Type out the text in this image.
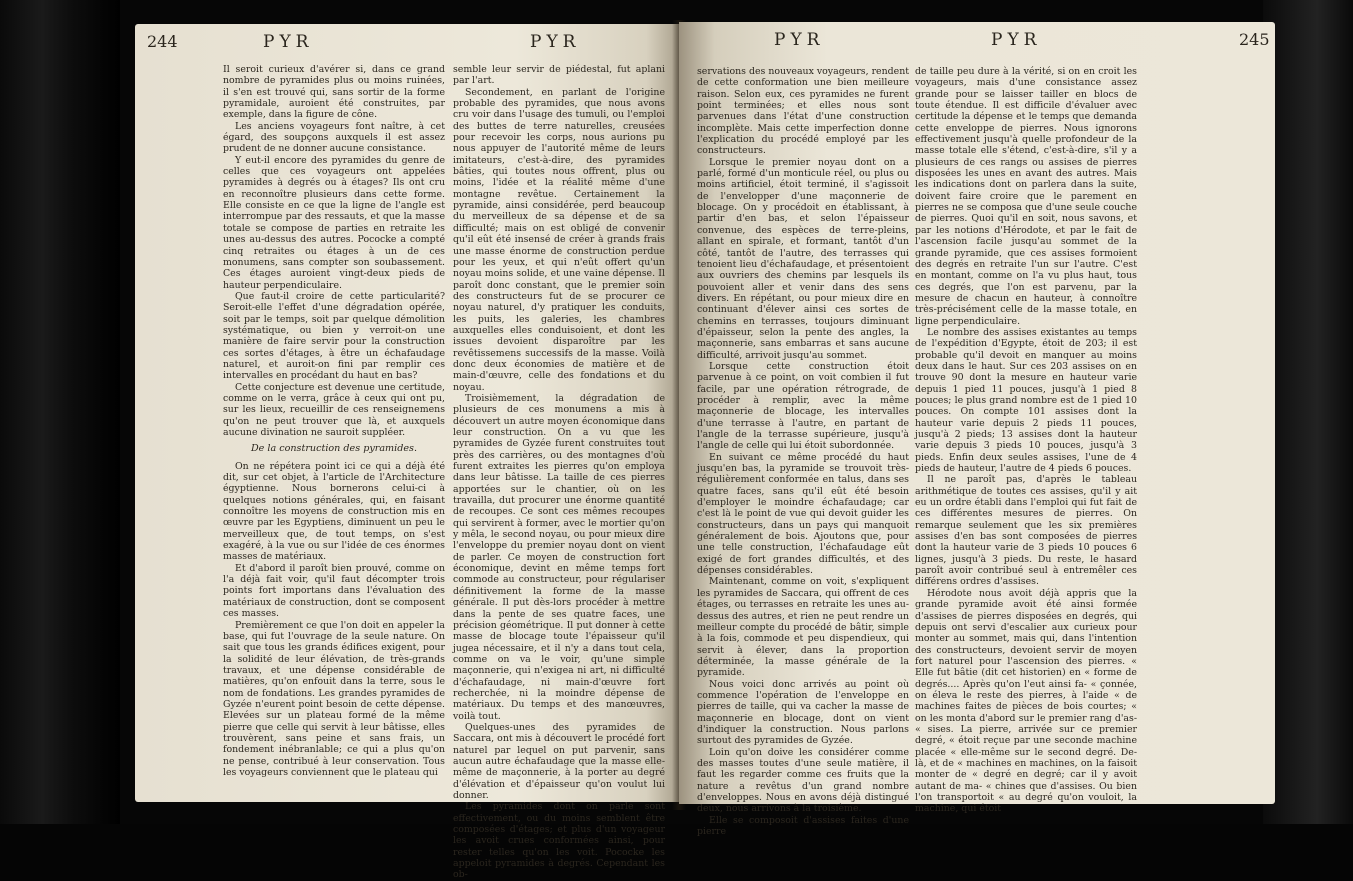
244	PYR	PYR

Il seroit curieux d'avérer si, dans ce grand nombre de pyramides plus ou moins ruinées, il s'en est trouvé qui, sans sortir de la forme pyramidale, auroient été construites, par exemple, dans la figure de cône.

Les anciens voyageurs font naître, à cet égard, des soupçons auxquels il est assez prudent de ne donner aucune consistance.

Y eut-il encore des pyramides du genre de celles que ces voyageurs ont appelées pyramides à degrés ou à étages? Ils ont cru en reconnoître plusieurs dans cette forme. Elle consiste en ce que la ligne de l'angle est interrompue par des ressauts, et que la masse totale se compose de parties en retraite les unes au-dessus des autres. Pococke a compté cinq retraites ou étages à un de ces monumens, sans compter son soubassement. Ces étages auroient vingt-deux pieds de hauteur perpendiculaire.

Que faut-il croire de cette particularité? Seroit-elle l'effet d'une dégradation opérée, soit par le temps, soit par quelque démolition systématique, ou bien y verroit-on une manière de faire servir pour la construction ces sortes d'étages, à être un échafaudage naturel, et auroit-on fini par remplir ces intervalles en procédant du haut en bas?

Cette conjecture est devenue une certitude, comme on le verra, grâce à ceux qui ont pu, sur les lieux, recueillir de ces renseignemens qu'on ne peut trouver que là, et auxquels aucune divination ne sauroit suppléer.

De la construction des pyramides.

On ne répétera point ici ce qui a déjà été dit, sur cet objet, à l'article de l'Architecture égyptienne. Nous bornerons celui-ci à quelques notions générales, qui, en faisant connoître les moyens de construction mis en œuvre par les Egyptiens, diminuent un peu le merveilleux que, de tout temps, on s'est exagéré, à la vue ou sur l'idée de ces énormes masses de matériaux.

Et d'abord il paroît bien prouvé, comme on l'a déjà fait voir, qu'il faut décompter trois points fort importans dans l'évaluation des matériaux de construction, dont se composent ces masses.

Premièrement ce que l'on doit en appeler la base, qui fut l'ouvrage de la seule nature. On sait que tous les grands édifices exigent, pour la solidité de leur élévation, de très-grands travaux, et une dépense considérable de matières, qu'on enfouit dans la terre, sous le nom de fondations. Les grandes pyramides de Gyzée n'eurent point besoin de cette dépense. Elevées sur un plateau formé de la même pierre que celle qui servit à leur bâtisse, elles trouvèrent, sans peine et sans frais, un fondement inébranlable; ce qui a plus qu'on ne pense, contribué à leur conservation. Tous les voyageurs conviennent que le plateau qui

semble leur servir de piédestal, fut aplani par l'art.

Secondement, en parlant de l'origine probable des pyramides, que nous avons cru voir dans l'usage des tumuli, ou l'emploi des buttes de terre naturelles, creusées pour recevoir les corps, nous aurions pu nous appuyer de l'autorité même de leurs imitateurs, c'est-à-dire, des pyramides bâties, qui toutes nous offrent, plus ou moins, l'idée et la réalité même d'une montagne revêtue. Certainement la pyramide, ainsi considérée, perd beaucoup du merveilleux de sa dépense et de sa difficulté; mais on est obligé de convenir qu'il eût été insensé de créer à grands frais une masse énorme de construction perdue pour les yeux, et qui n'eût offert qu'un noyau moins solide, et une vaine dépense. Il paroît donc constant, que le premier soin des constructeurs fut de se procurer ce noyau naturel, d'y pratiquer les conduits, les puits, les galeries, les chambres auxquelles elles conduisoient, et dont les issues devoient disparoître par les revêtissemens successifs de la masse. Voilà donc deux économies de matière et de main-d'œuvre, celle des fondations et du noyau.

Troisièmement, la dégradation de plusieurs de ces monumens a mis à découvert un autre moyen économique dans leur construction. On a vu que les pyramides de Gyzée furent construites tout près des carrières, ou des montagnes d'où furent extraites les pierres qu'on employa dans leur bâtisse. La taille de ces pierres apportées sur le chantier, où on les travailla, dut procurer une énorme quantité de recoupes. Ce sont ces mêmes recoupes qui servirent à former, avec le mortier qu'on y mêla, le second noyau, ou pour mieux dire l'enveloppe du premier noyau dont on vient de parler. Ce moyen de construction fort économique, devint en même temps fort commode au constructeur, pour régulariser définitivement la forme de la masse générale. Il put dès-lors procéder à mettre dans la pente de ses quatre faces, une précision géométrique. Il put donner à cette masse de blocage toute l'épaisseur qu'il jugea nécessaire, et il n'y a dans tout cela, comme on va le voir, qu'une simple maçonnerie, qui n'exigea ni art, ni difficulté d'échafaudage, ni main-d'œuvre fort recherchée, ni la moindre dépense de matériaux. Du temps et des manœuvres, voilà tout.

Quelques-unes des pyramides de Saccara, ont mis à découvert le procédé fort naturel par lequel on put parvenir, sans aucun autre échafaudage que la masse elle-même de maçonnerie, à la porter au degré d'élévation et d'épaisseur qu'on voulut lui donner.

Les pyramides dont on parle sont effectivement, ou du moins semblent être composées d'étages; et plus d'un voyageur les avoit crues conformées ainsi, pour rester telles qu'on les voit. Pococke les appeloit pyramides à degrés. Cependant les ob-

PYR	PYR	245

servations des nouveaux voyageurs, rendent de cette conformation une bien meilleure raison. Selon eux, ces pyramides ne furent point terminées; et elles nous sont parvenues dans l'état d'une construction incomplète. Mais cette imperfection donne l'explication du procédé employé par les constructeurs.

Lorsque le premier noyau dont on a parlé, formé d'un monticule réel, ou plus ou moins artificiel, étoit terminé, il s'agissoit de l'envelopper d'une maçonnerie de blocage. On y procédoit en établissant, à partir d'en bas, et selon l'épaisseur convenue, des espèces de terre-pleins, allant en spirale, et formant, tantôt d'un côté, tantôt de l'autre, des terrasses qui tenoient lieu d'échafaudage, et présentoient aux ouvriers des chemins par lesquels ils pouvoient aller et venir dans des sens divers. En répétant, ou pour mieux dire en continuant d'élever ainsi ces sortes de chemins en terrasses, toujours diminuant d'épaisseur, selon la pente des angles, la maçonnerie, sans embarras et sans aucune difficulté, arrivoit jusqu'au sommet.

Lorsque cette construction étoit parvenue à ce point, on voit combien il fut facile, par une opération rétrograde, de procéder à remplir, avec la même maçonnerie de blocage, les intervalles d'une terrasse à l'autre, en partant de l'angle de la terrasse supérieure, jusqu'à l'angle de celle qui lui étoit subordonnée.

En suivant ce même procédé du haut jusqu'en bas, la pyramide se trouvoit très-régulièrement conformée en talus, dans ses quatre faces, sans qu'il eût été besoin d'employer le moindre échafaudage; car c'est là le point de vue qui devoit guider les constructeurs, dans un pays qui manquoit généralement de bois. Ajoutons que, pour une telle construction, l'échafaudage eût exigé de fort grandes difficultés, et des dépenses considérables.

Maintenant, comme on voit, s'expliquent les pyramides de Saccara, qui offrent de ces étages, ou terrasses en retraite les unes au-dessus des autres, et rien ne peut rendre un meilleur compte du procédé de bâtir, simple à la fois, commode et peu dispendieux, qui servit à élever, dans la proportion déterminée, la masse générale de la pyramide.

Nous voici donc arrivés au point où commence l'opération de l'enveloppe en pierres de taille, qui va cacher la masse de maçonnerie en blocage, dont on vient d'indiquer la construction. Nous parlons surtout des pyramides de Gyzée.

Loin qu'on doive les considérer comme des masses toutes d'une seule matière, il faut les regarder comme ces fruits que la nature a revêtus d'un grand nombre d'enveloppes. Nous en avons déjà distingué deux, nous arrivons à la troisième.

Elle se composoit d'assises faites d'une pierre

de taille peu dure à la vérité, si on en croit les voyageurs, mais d'une consistance assez grande pour se laisser tailler en blocs de toute étendue. Il est difficile d'évaluer avec certitude la dépense et le temps que demanda cette enveloppe de pierres. Nous ignorons effectivement jusqu'à quelle profondeur de la masse totale elle s'étend, c'est-à-dire, s'il y a plusieurs de ces rangs ou assises de pierres disposées les unes en avant des autres. Mais les indications dont on parlera dans la suite, doivent faire croire que le parement en pierres ne se composa que d'une seule couche de pierres. Quoi qu'il en soit, nous savons, et par les notions d'Hérodote, et par le fait de l'ascension facile jusqu'au sommet de la grande pyramide, que ces assises formoient des degrés en retraite l'un sur l'autre. C'est en montant, comme on l'a vu plus haut, tous ces degrés, que l'on est parvenu, par la mesure de chacun en hauteur, à connoître très-précisément celle de la masse totale, en ligne perpendiculaire.

Le nombre des assises existantes au temps de l'expédition d'Egypte, étoit de 203; il est probable qu'il devoit en manquer au moins deux dans le haut. Sur ces 203 assises on en trouve 90 dont la mesure en hauteur varie depuis 1 pied 11 pouces, jusqu'à 1 pied 8 pouces; le plus grand nombre est de 1 pied 10 pouces. On compte 101 assises dont la hauteur varie depuis 2 pieds 11 pouces, jusqu'à 2 pieds; 13 assises dont la hauteur varie depuis 3 pieds 10 pouces, jusqu'à 3 pieds. Enfin deux seules assises, l'une de 4 pieds de hauteur, l'autre de 4 pieds 6 pouces.

Il ne paroît pas, d'après le tableau arithmétique de toutes ces assises, qu'il y ait eu un ordre établi dans l'emploi qui fut fait de ces différentes mesures de pierres. On remarque seulement que les six premières assises d'en bas sont composées de pierres dont la hauteur varie de 3 pieds 10 pouces 6 lignes, jusqu'à 3 pieds. Du reste, le hasard paroît avoir contribué seul à entremêler ces différens ordres d'assises.

Hérodote nous avoit déjà appris que la grande pyramide avoit été ainsi formée d'assises de pierres disposées en degrés, qui depuis ont servi d'escalier aux curieux pour monter au sommet, mais qui, dans l'intention des constructeurs, devoient servir de moyen fort naturel pour l'ascension des pierres. « Elle fut bâtie (dit cet historien) en « forme de degrés.... Après qu'on l'eut ainsi fa- « çonnée, on éleva le reste des pierres, à l'aide « de machines faites de pièces de bois courtes; « on les monta d'abord sur le premier rang d'as- « sises. La pierre, arrivée sur ce premier degré, « étoit reçue par une seconde machine placée « elle-même sur le second degré. De-là, et de « machines en machines, on la faisoit monter de « degré en degré; car il y avoit autant de ma- « chines que d'assises. Ou bien l'on transportoit « au degré qu'on vouloit, la machine, qui étoit
